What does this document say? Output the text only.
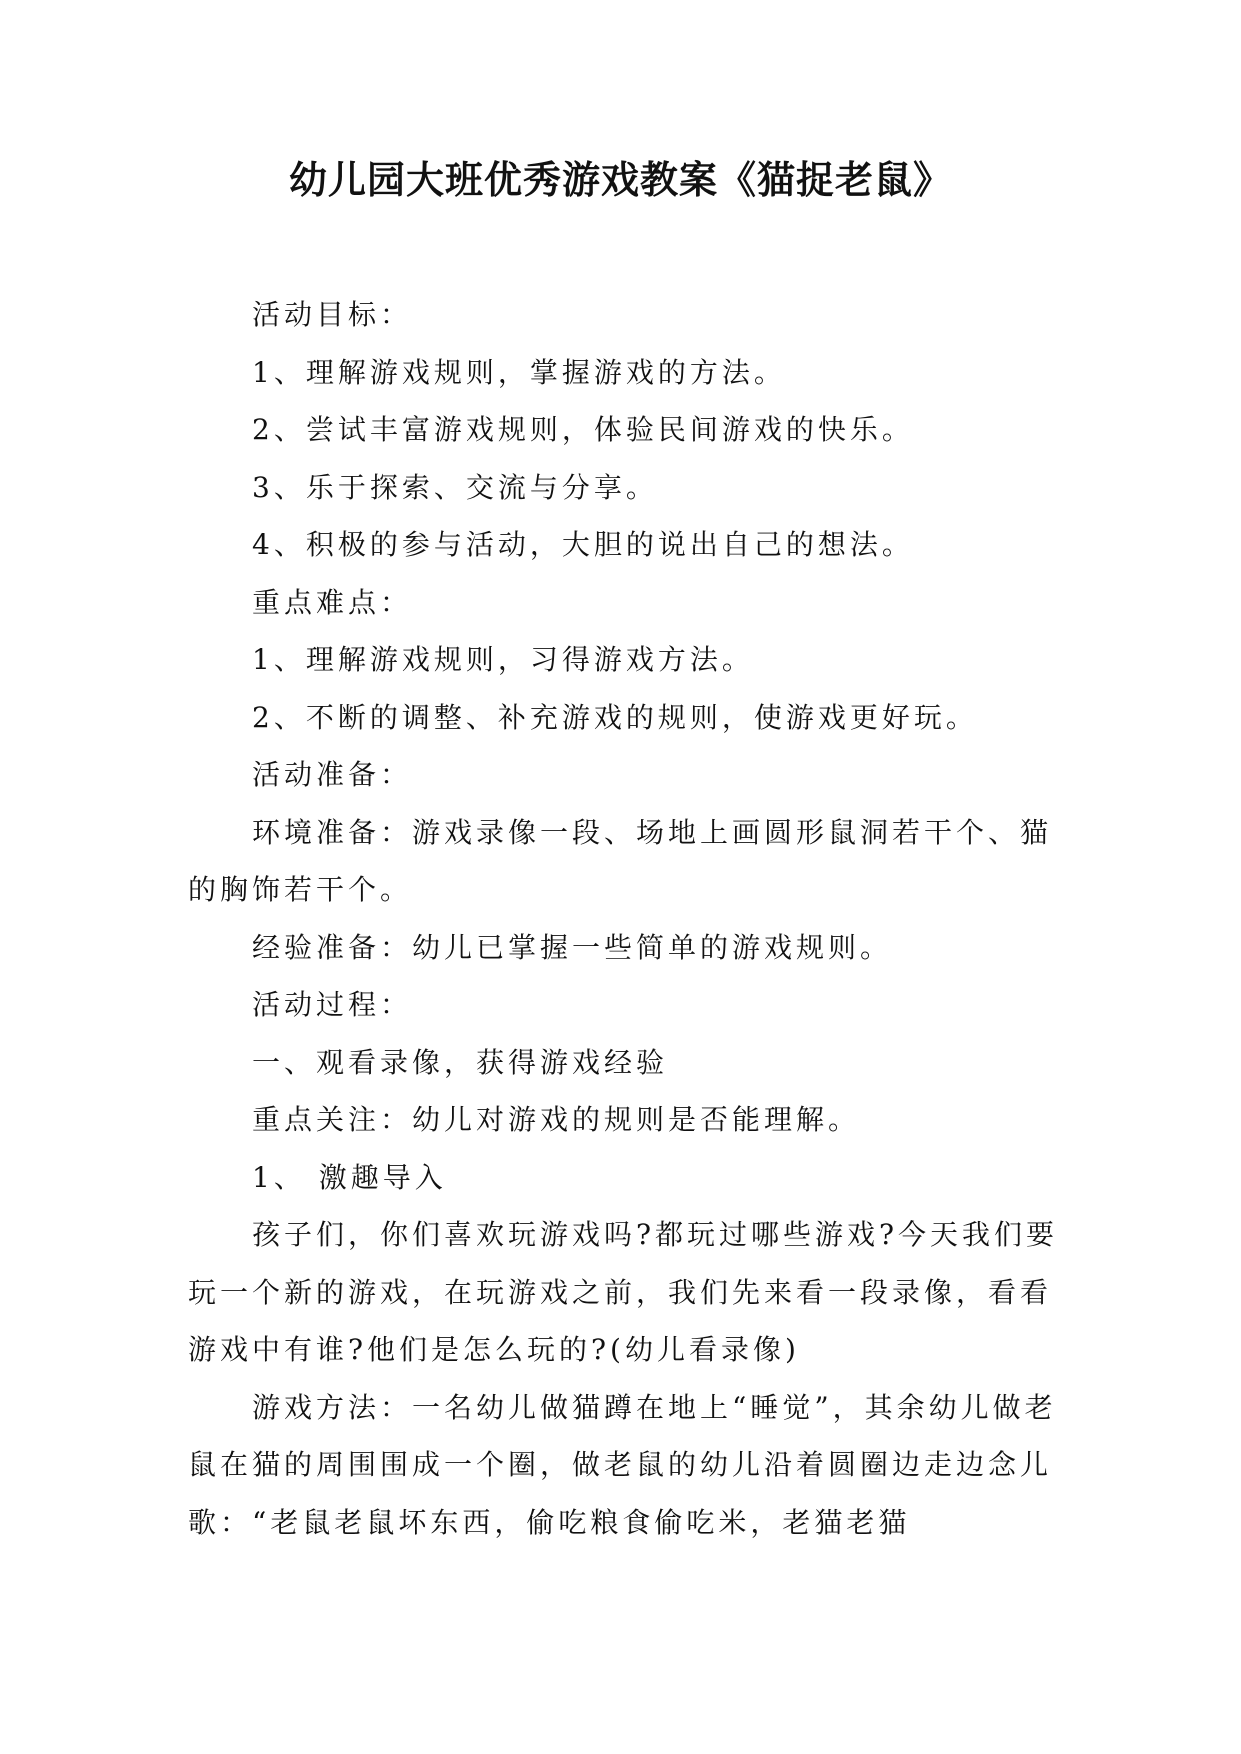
幼儿园大班优秀游戏教案《猫捉老鼠》

活动目标：

1、理解游戏规则，掌握游戏的方法。

2、尝试丰富游戏规则，体验民间游戏的快乐。

3、乐于探索、交流与分享。

4、积极的参与活动，大胆的说出自己的想法。

重点难点：

1、理解游戏规则，习得游戏方法。

2、不断的调整、补充游戏的规则，使游戏更好玩。

活动准备：

环境准备：游戏录像一段、场地上画圆形鼠洞若干个、猫的胸饰若干个。

经验准备：幼儿已掌握一些简单的游戏规则。

活动过程：

一、观看录像，获得游戏经验

重点关注：幼儿对游戏的规则是否能理解。

1、 激趣导入

孩子们，你们喜欢玩游戏吗?都玩过哪些游戏?今天我们要玩一个新的游戏，在玩游戏之前，我们先来看一段录像，看看游戏中有谁?他们是怎么玩的?(幼儿看录像)

游戏方法：一名幼儿做猫蹲在地上“睡觉”，其余幼儿做老鼠在猫的周围围成一个圈，做老鼠的幼儿沿着圆圈边走边念儿歌：“老鼠老鼠坏东西，偷吃粮食偷吃米，老猫老猫
